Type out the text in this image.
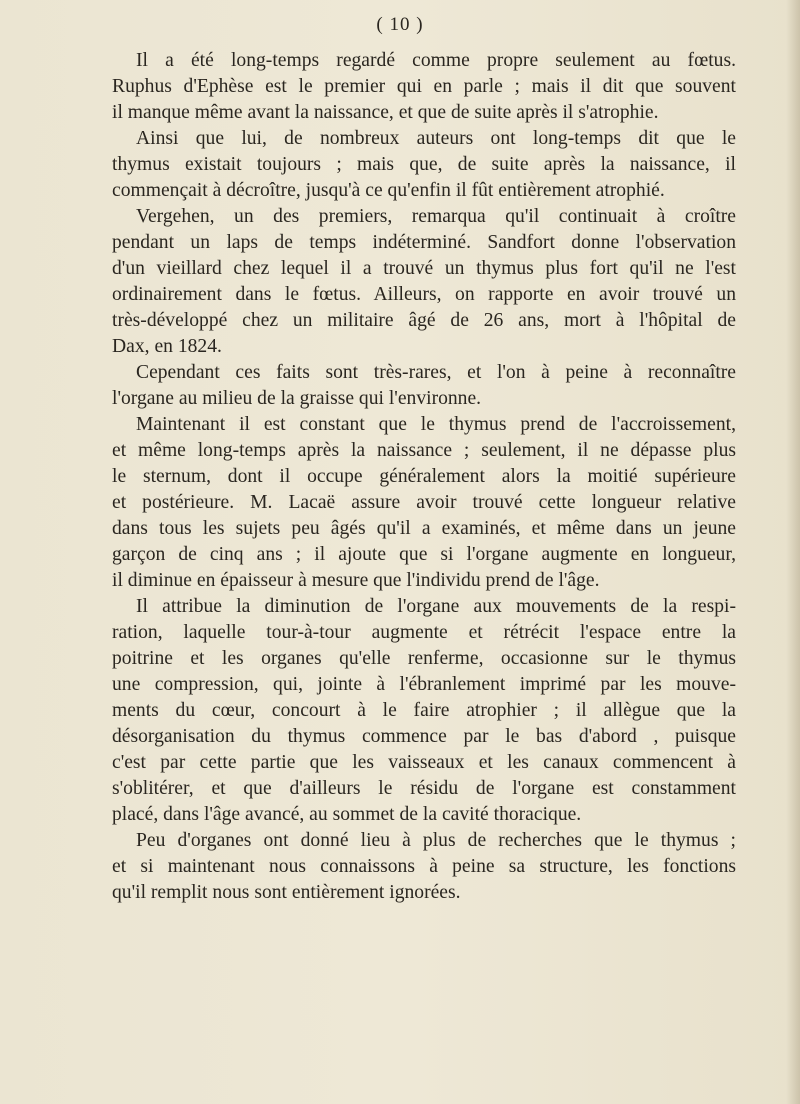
( 10 )
Il a été long-temps regardé comme propre seulement au fœtus.
Ruphus d'Ephèse est le premier qui en parle ; mais il dit que souvent
il manque même avant la naissance, et que de suite après il s'atrophie.
Ainsi que lui, de nombreux auteurs ont long-temps dit que le
thymus existait toujours ; mais que, de suite après la naissance, il
commençait à décroître, jusqu'à ce qu'enfin il fût entièrement atrophié.
Vergehen, un des premiers, remarqua qu'il continuait à croître
pendant un laps de temps indéterminé. Sandfort donne l'observation
d'un vieillard chez lequel il a trouvé un thymus plus fort qu'il ne l'est
ordinairement dans le fœtus. Ailleurs, on rapporte en avoir trouvé un
très-développé chez un militaire âgé de 26 ans, mort à l'hôpital de
Dax, en 1824.
Cependant ces faits sont très-rares, et l'on à peine à reconnaître
l'organe au milieu de la graisse qui l'environne.
Maintenant il est constant que le thymus prend de l'accroissement,
et même long-temps après la naissance ; seulement, il ne dépasse plus
le sternum, dont il occupe généralement alors la moitié supérieure
et postérieure. M. Lacaë assure avoir trouvé cette longueur relative
dans tous les sujets peu âgés qu'il a examinés, et même dans un jeune
garçon de cinq ans ; il ajoute que si l'organe augmente en longueur,
il diminue en épaisseur à mesure que l'individu prend de l'âge.
Il attribue la diminution de l'organe aux mouvements de la respi-
ration, laquelle tour-à-tour augmente et rétrécit l'espace entre la
poitrine et les organes qu'elle renferme, occasionne sur le thymus
une compression, qui, jointe à l'ébranlement imprimé par les mouve-
ments du cœur, concourt à le faire atrophier ; il allègue que la
désorganisation du thymus commence par le bas d'abord , puisque
c'est par cette partie que les vaisseaux et les canaux commencent à
s'oblitérer, et que d'ailleurs le résidu de l'organe est constamment
placé, dans l'âge avancé, au sommet de la cavité thoracique.
Peu d'organes ont donné lieu à plus de recherches que le thymus ;
et si maintenant nous connaissons à peine sa structure, les fonctions
qu'il remplit nous sont entièrement ignorées.
